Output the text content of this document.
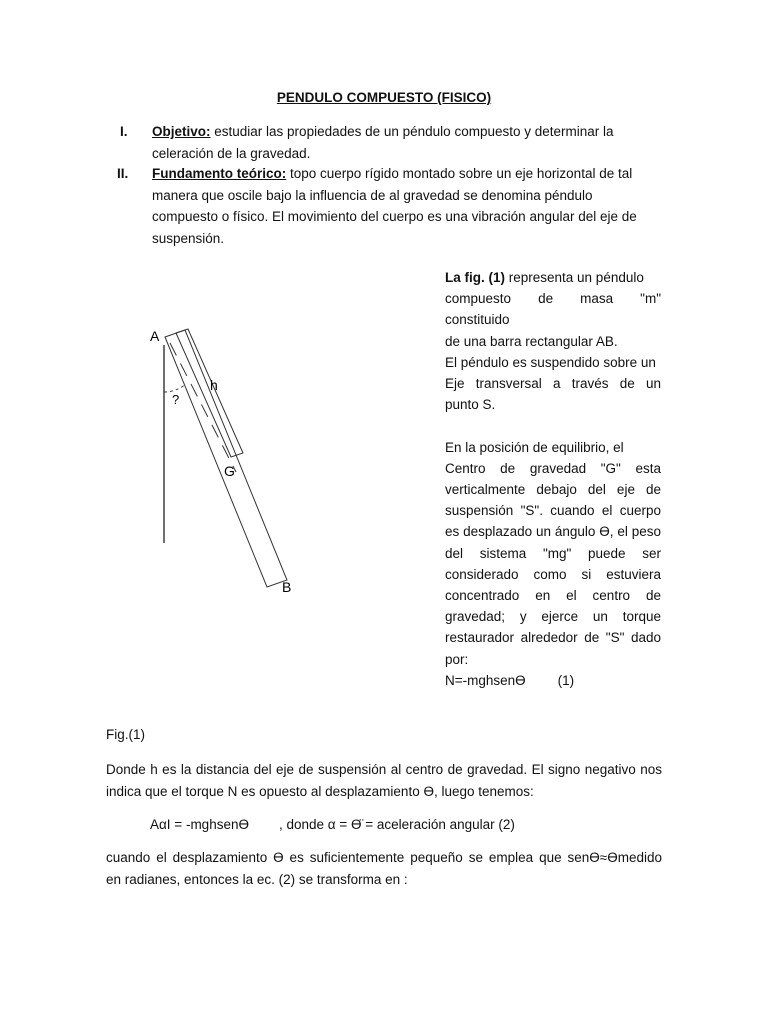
PENDULO COMPUESTO (FISICO)
I. Objetivo: estudiar las propiedades de un péndulo compuesto y determinar la celeración de la gravedad.
II. Fundamento teórico: topo cuerpo rígido montado sobre un eje horizontal de tal manera que oscile bajo la influencia de al gravedad se denomina péndulo compuesto o físico. El movimiento del cuerpo es una vibración angular del eje de suspensión.
A
h
?
G
B

La fig. (1) representa un péndulo

compuesto de masa "m"

constituido

de una barra rectangular AB.

El péndulo es suspendido sobre un

Eje transversal a través de un

punto S.

En la posición de equilibrio, el

Centro de gravedad "G" esta

verticalmente debajo del eje de

suspensión "S". cuando el cuerpo

es desplazado un ángulo ϴ, el peso

del sistema "mg" puede ser

considerado como si estuviera

concentrado en el centro de

gravedad; y ejerce un torque

restaurador alrededor de "S" dado

por:

N=-mghsenϴ (1)

Fig.(1)
Donde h es la distancia del eje de suspensión al centro de gravedad. El signo negativo nos indica que el torque N es opuesto al desplazamiento ϴ, luego tenemos:
AαI = -mghsenϴ , donde α = ϴ̈ = aceleración angular (2)
cuando el desplazamiento ϴ es suficientemente pequeño se emplea que senϴ≈ϴmedido
en radianes, entonces la ec. (2) se transforma en :
